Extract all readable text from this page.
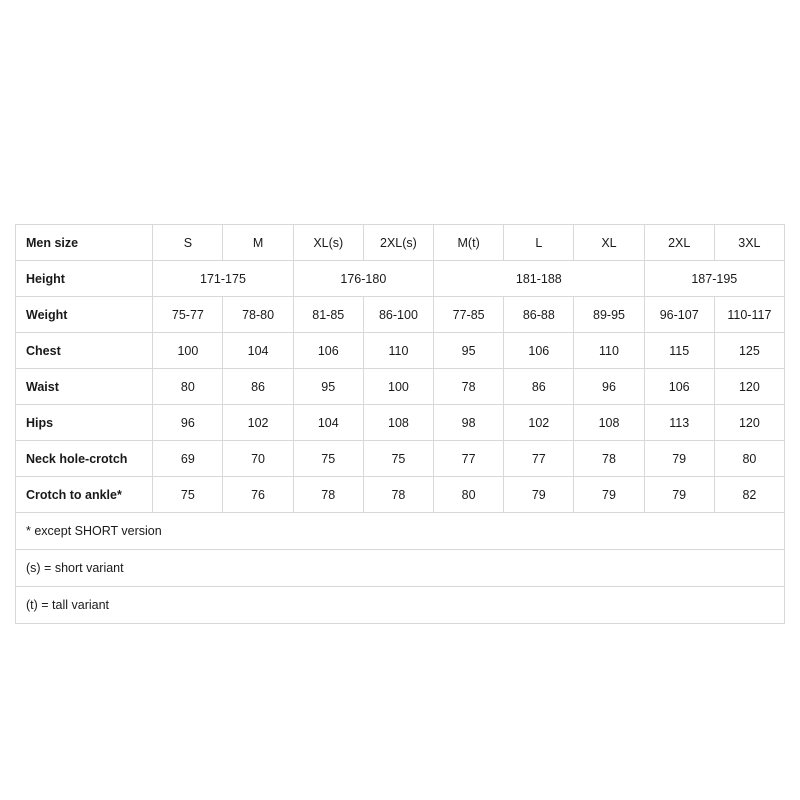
Men size	S	M	XL(s)	2XL(s)	M(t)	L	XL	2XL	3XL
Height	171-175		176-180		181-188			187-195	
Weight	75-77	78-80	81-85	86-100	77-85	86-88	89-95	96-107	110-117
Chest	100	104	106	110	95	106	110	115	125
Waist	80	86	95	100	78	86	96	106	120
Hips	96	102	104	108	98	102	108	113	120
Neck hole-crotch	69	70	75	75	77	77	78	79	80
Crotch to ankle*	75	76	78	78	80	79	79	79	82
* except SHORT version									
(s) = short variant									
(t) = tall variant									
